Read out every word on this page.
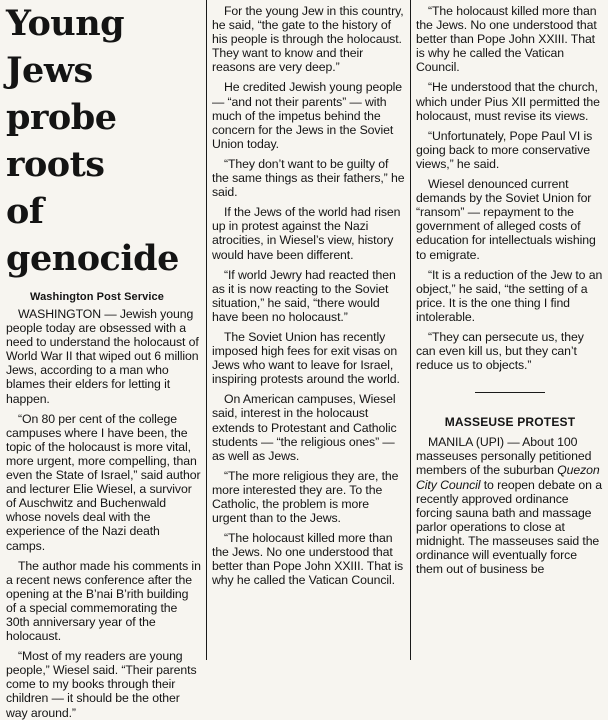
Young Jews
probe roots
of genocide
Washington Post Service

WASHINGTON — Jewish young people today are obsessed with a need to understand the holocaust of World War II that wiped out 6 million Jews, according to a man who blames their elders for letting it happen.

“On 80 per cent of the college campuses where I have been, the topic of the holocaust is more vital, more urgent, more compelling, than even the State of Israel,” said author and lecturer Elie Wiesel, a survivor of Auschwitz and Buchenwald whose novels deal with the experience of the Nazi death camps.

The author made his comments in a recent news conference after the opening at the B’nai B’rith building of a special commemorating the 30th anniversary year of the holocaust.

“Most of my readers are young people,” Wiesel said. “Their parents come to my books through their children — it should be the other way around.”

For the young Jew in this country, he said, “the gate to the history of his people is through the holocaust. They want to know and their reasons are very deep.”

He credited Jewish young people — “and not their parents” — with much of the impetus behind the concern for the Jews in the Soviet Union today.

“They don’t want to be guilty of the same things as their fathers,” he said.

If the Jews of the world had risen up in protest against the Nazi atrocities, in Wiesel’s view, history would have been different.

“If world Jewry had reacted then as it is now reacting to the Soviet situation,” he said, “there would have been no holocaust.”

The Soviet Union has recently imposed high fees for exit visas on Jews who want to leave for Israel, inspiring protests around the world.

On American campuses, Wiesel said, interest in the holocaust extends to Protestant and Catholic students — “the religious ones” — as well as Jews.

“The more religious they are, the more interested they are. To the Catholic, the problem is more urgent than to the Jews.

“The holocaust killed more than the Jews. No one understood that better than Pope John XXIII. That is why he called the Vatican Council.

“The holocaust killed more than the Jews. No one understood that better than Pope John XXIII. That is why he called the Vatican Council.

“He understood that the church, which under Pius XII permitted the holocaust, must revise its views.

“Unfortunately, Pope Paul VI is going back to more conservative views,” he said.

Wiesel denounced current demands by the Soviet Union for “ransom” — repayment to the government of alleged costs of education for intellectuals wishing to emigrate.

“It is a reduction of the Jew to an object,” he said, “the setting of a price. It is the one thing I find intolerable.

“They can persecute us, they can even kill us, but they can’t reduce us to objects.”

MASSEUSE PROTEST

MANILA (UPI) — About 100 masseuses personally petitioned members of the suburban Quezon City Council to reopen debate on a recently approved ordinance forcing sauna bath and massage parlor operations to close at midnight. The masseuses said the ordinance will eventually force them out of business be
